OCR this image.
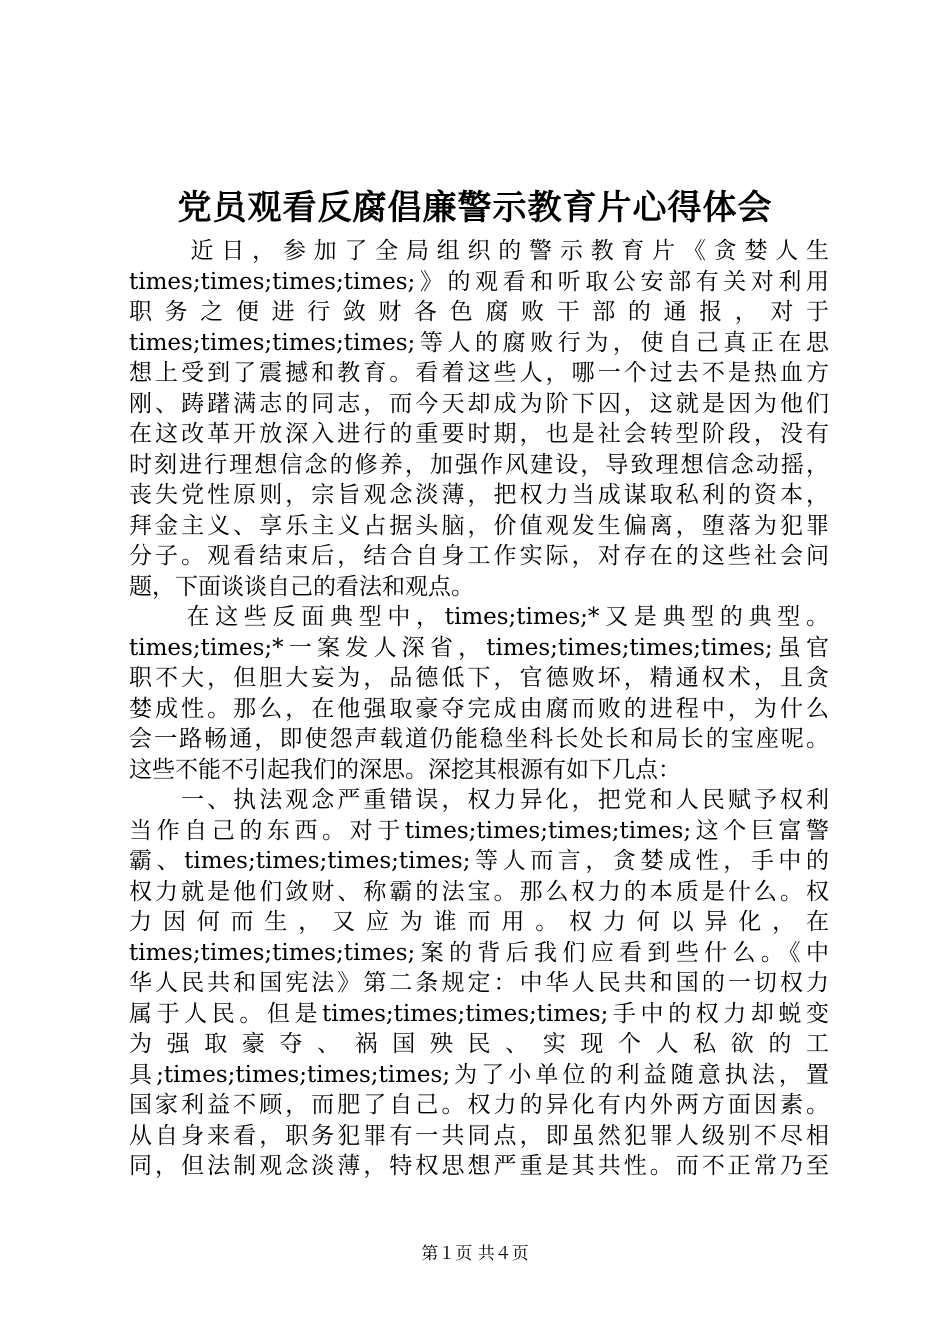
党员观看反腐倡廉警示教育片心得体会
　　近日，参加了全局组织的警示教育片《贪婪人生
times;times;times;times;》的观看和听取公安部有关对利用
职务之便进行敛财各色腐败干部的通报，对于
times;times;times;times;等人的腐败行为，使自己真正在思
想上受到了震撼和教育。看着这些人，哪一个过去不是热血方
刚、踌躇满志的同志，而今天却成为阶下囚，这就是因为他们
在这改革开放深入进行的重要时期，也是社会转型阶段，没有
时刻进行理想信念的修养，加强作风建设，导致理想信念动摇，
丧失党性原则，宗旨观念淡薄，把权力当成谋取私利的资本，
拜金主义、享乐主义占据头脑，价值观发生偏离，堕落为犯罪
分子。观看结束后，结合自身工作实际，对存在的这些社会问
题，下面谈谈自己的看法和观点。
　　在这些反面典型中，times;times;*又是典型的典型。
times;times;*一案发人深省，times;times;times;times;虽官
职不大，但胆大妄为，品德低下，官德败坏，精通权术，且贪
婪成性。那么，在他强取豪夺完成由腐而败的进程中，为什么
会一路畅通，即使怨声载道仍能稳坐科长处长和局长的宝座呢。
这些不能不引起我们的深思。深挖其根源有如下几点：
　　一、执法观念严重错误，权力异化，把党和人民赋予权利
当作自己的东西。对于times;times;times;times;这个巨富警
霸、times;times;times;times;等人而言，贪婪成性，手中的
权力就是他们敛财、称霸的法宝。那么权力的本质是什么。权
力因何而生，又应为谁而用。权力何以异化，在
times;times;times;times;案的背后我们应看到些什么。《中
华人民共和国宪法》第二条规定：中华人民共和国的一切权力
属于人民。但是times;times;times;times;手中的权力却蜕变
为强取豪夺、祸国殃民、实现个人私欲的工
具;times;times;times;times;为了小单位的利益随意执法，置
国家利益不顾，而肥了自己。权力的异化有内外两方面因素。
从自身来看，职务犯罪有一共同点，即虽然犯罪人级别不尽相
同，但法制观念淡薄，特权思想严重是其共性。而不正常乃至
第１页 共４页
